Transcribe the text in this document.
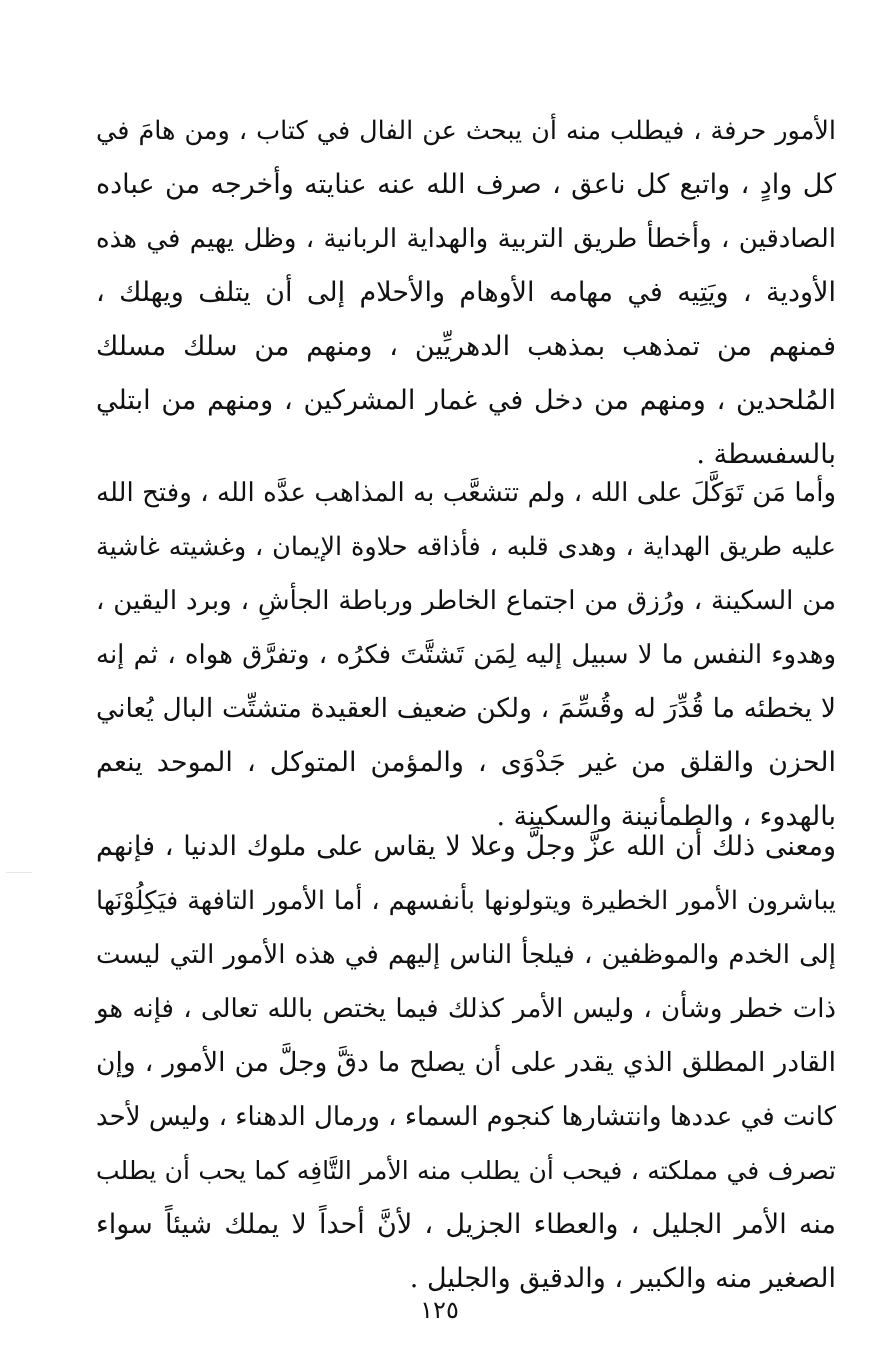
الأمور حرفة ، فيطلب منه أن يبحث عن الفال في كتاب ، ومن هامَ في
كل وادٍ ، واتبع كل ناعق ، صرف الله عنه عنايته وأخرجه من عباده
الصادقين ، وأخطأ طريق التربية والهداية الربانية ، وظل يهيم في هذه
الأودية ، ويَتِيه في مهامه الأوهام والأحلام إلى أن يتلف ويهلك ،
فمنهم من تمذهب بمذهب الدهريِّين ، ومنهم من سلك مسلك
المُلحدين ، ومنهم من دخل في غمار المشركين ، ومنهم من ابتلي
بالسفسطة .
وأما مَن تَوَكَّلَ على الله ، ولم تتشعَّب به المذاهب عدَّه الله ، وفتح الله
عليه طريق الهداية ، وهدى قلبه ، فأذاقه حلاوة الإيمان ، وغشيته غاشية
من السكينة ، ورُزق من اجتماع الخاطر ورباطة الجأشِ ، وبرد اليقين ،
وهدوء النفس ما لا سبيل إليه لِمَن تَشتَّتَ فكرُه ، وتفرَّق هواه ، ثم إنه
لا يخطئه ما قُدِّرَ له وقُسِّمَ ، ولكن ضعيف العقيدة متشتِّت البال يُعاني
الحزن والقلق من غير جَدْوَى ، والمؤمن المتوكل ، الموحد ينعم
بالهدوء ، والطمأنينة والسكينة .
ومعنى ذلك أن الله عزَّ وجلَّ وعلا لا يقاس على ملوك الدنيا ، فإنهم
يباشرون الأمور الخطيرة ويتولونها بأنفسهم ، أما الأمور التافهة فيَكِلُوْنَها
إلى الخدم والموظفين ، فيلجأ الناس إليهم في هذه الأمور التي ليست
ذات خطر وشأن ، وليس الأمر كذلك فيما يختص بالله تعالى ، فإنه هو
القادر المطلق الذي يقدر على أن يصلح ما دقَّ وجلَّ من الأمور ، وإن
كانت في عددها وانتشارها كنجوم السماء ، ورمال الدهناء ، وليس لأحد
تصرف في مملكته ، فيحب أن يطلب منه الأمر التَّافِه كما يحب أن يطلب
منه الأمر الجليل ، والعطاء الجزيل ، لأنَّ أحداً لا يملك شيئاً سواء
الصغير منه والكبير ، والدقيق والجليل .
١٢٥
